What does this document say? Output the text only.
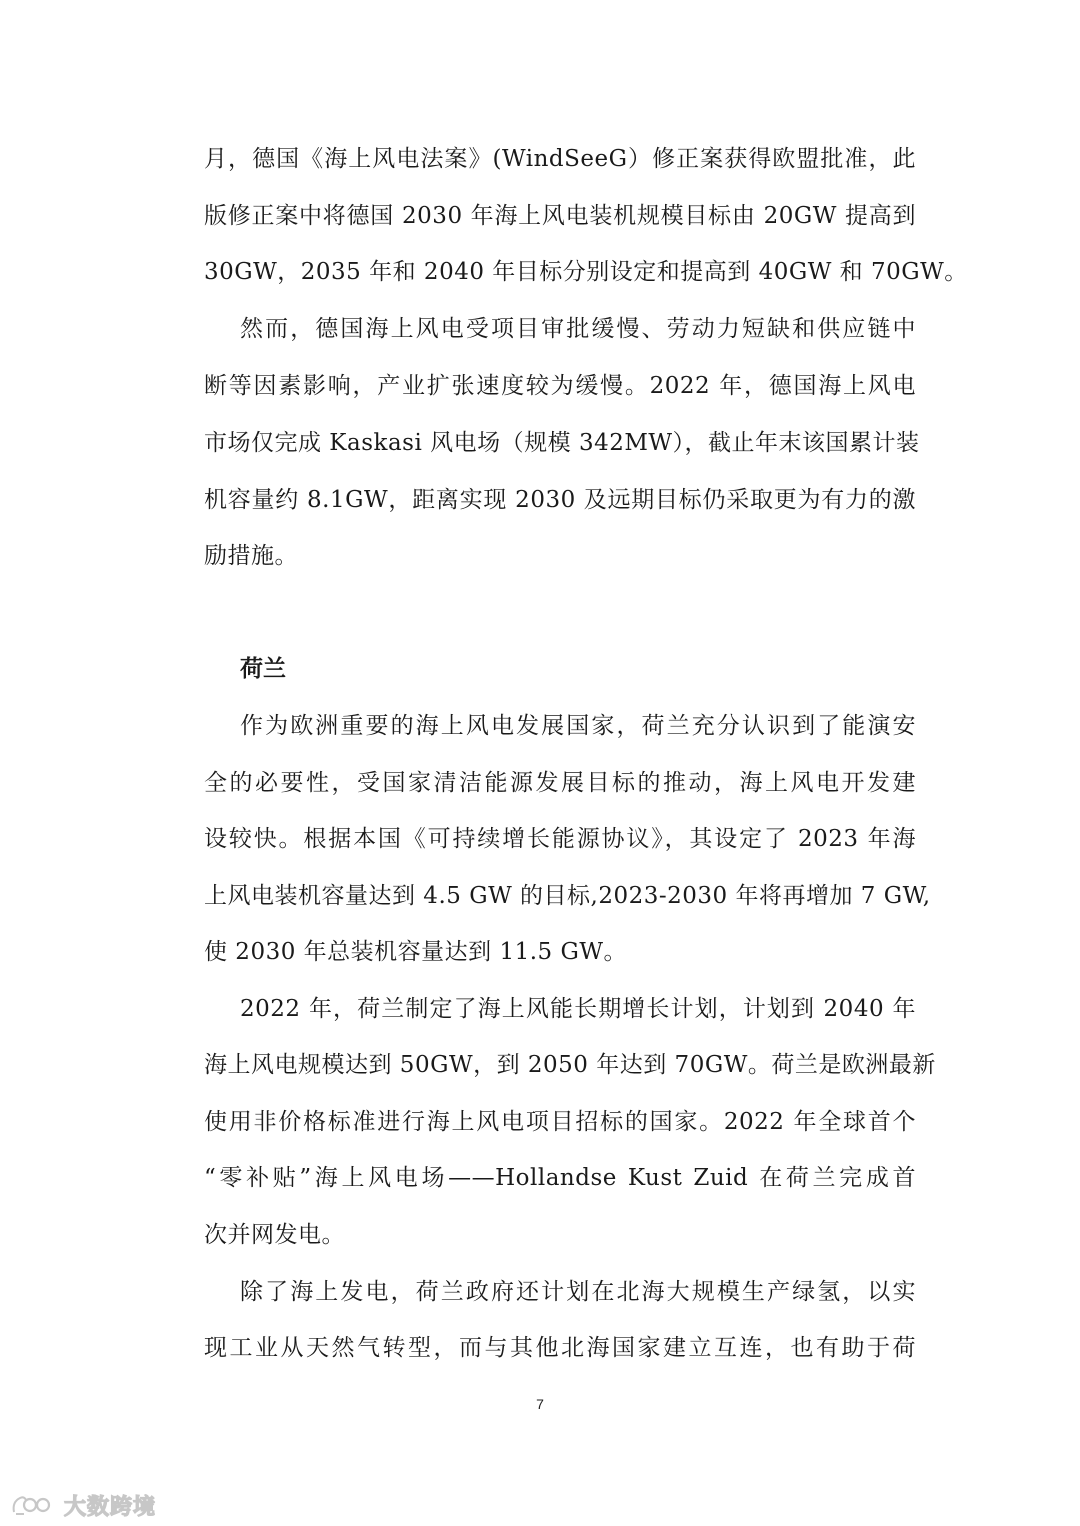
月，德国《海上风电法案》(WindSeeG）修正案获得欧盟批准，此
版修正案中将德国 2030 年海上风电装机规模目标由 20GW 提高到
30GW，2035 年和 2040 年目标分别设定和提高到 40GW 和 70GW。
然而，德国海上风电受项目审批缓慢、劳动力短缺和供应链中
断等因素影响，产业扩张速度较为缓慢。2022 年，德国海上风电
市场仅完成 Kaskasi 风电场（规模 342MW），截止年末该国累计装
机容量约 8.1GW，距离实现 2030 及远期目标仍采取更为有力的激
励措施。
荷兰
作为欧洲重要的海上风电发展国家，荷兰充分认识到了能演安
全的必要性，受国家清洁能源发展目标的推动，海上风电开发建
设较快。根据本国《可持续增长能源协议》，其设定了 2023 年海
上风电装机容量达到 4.5 GW 的目标,2023-2030 年将再增加 7 GW,
使 2030 年总装机容量达到 11.5 GW。
2022 年，荷兰制定了海上风能长期增长计划，计划到 2040 年
海上风电规模达到 50GW，到 2050 年达到 70GW。荷兰是欧洲最新
使用非价格标准进行海上风电项目招标的国家。2022 年全球首个
“零补贴”海上风电场——Hollandse Kust Zuid 在荷兰完成首
次并网发电。
除了海上发电，荷兰政府还计划在北海大规模生产绿氢，以实
现工业从天然气转型，而与其他北海国家建立互连，也有助于荷
7
大数跨境
